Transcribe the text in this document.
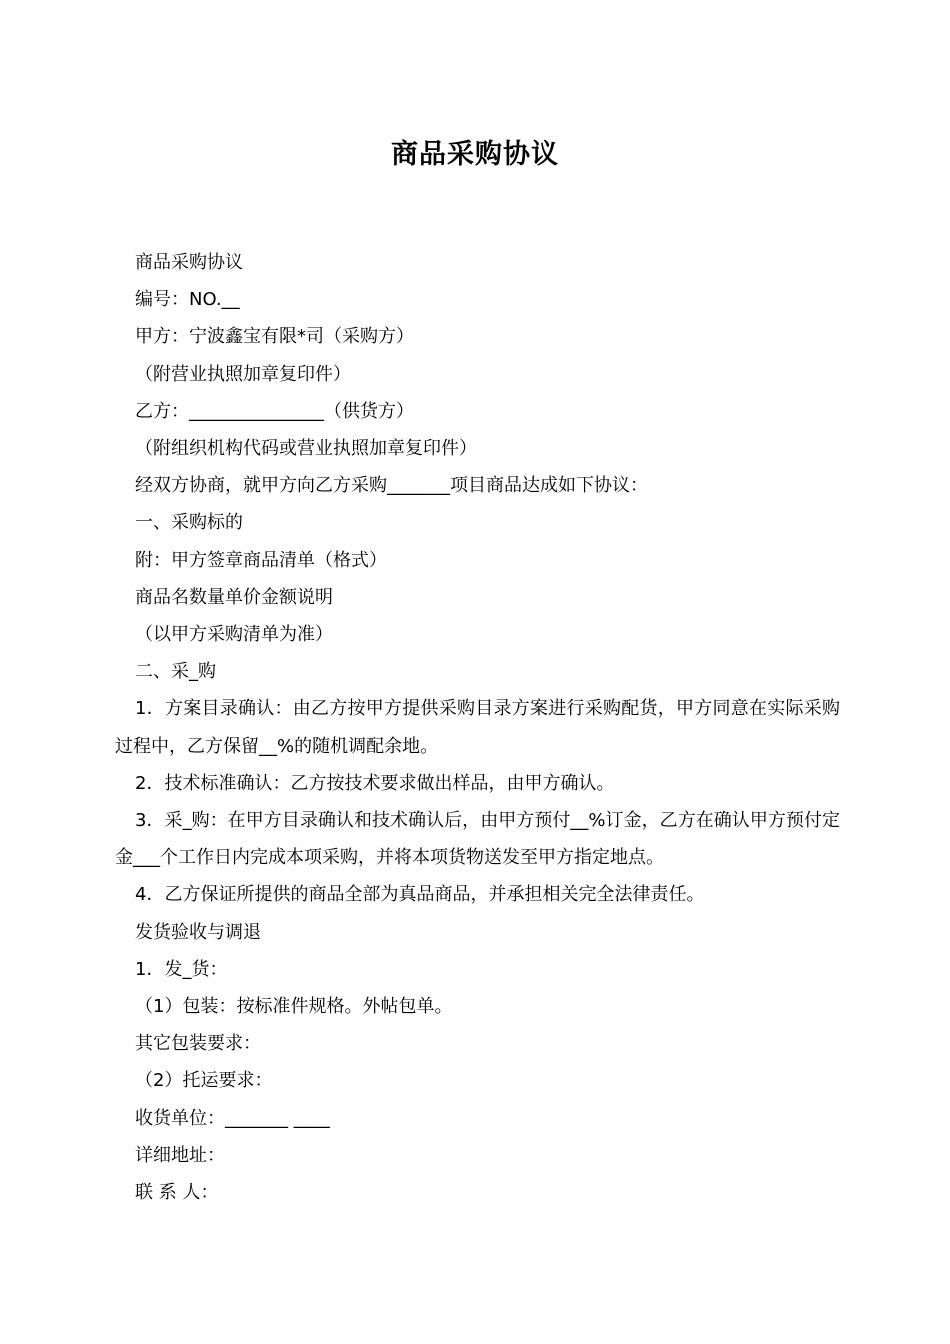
商品采购协议

商品采购协议

编号：NO.__

甲方：宁波鑫宝有限*司（采购方）

（附营业执照加章复印件）

乙方：_______________（供货方）

（附组织机构代码或营业执照加章复印件）

经双方协商，就甲方向乙方采购_______项目商品达成如下协议：

一、采购标的

附：甲方签章商品清单（格式）

商品名数量单价金额说明

（以甲方采购清单为准）

二、采_购

1．方案目录确认：由乙方按甲方提供采购目录方案进行采购配货，甲方同意在实际采购过程中，乙方保留__%的随机调配余地。

2．技术标准确认：乙方按技术要求做出样品，由甲方确认。

3．采_购：在甲方目录确认和技术确认后，由甲方预付__%订金，乙方在确认甲方预付定金___个工作日内完成本项采购，并将本项货物送发至甲方指定地点。

4．乙方保证所提供的商品全部为真品商品，并承担相关完全法律责任。

发货验收与调退

1．发_货：

（1）包装：按标准件规格。外帖包单。

其它包装要求：

（2）托运要求：

收货单位：_______ ____

详细地址：

联 系 人：
